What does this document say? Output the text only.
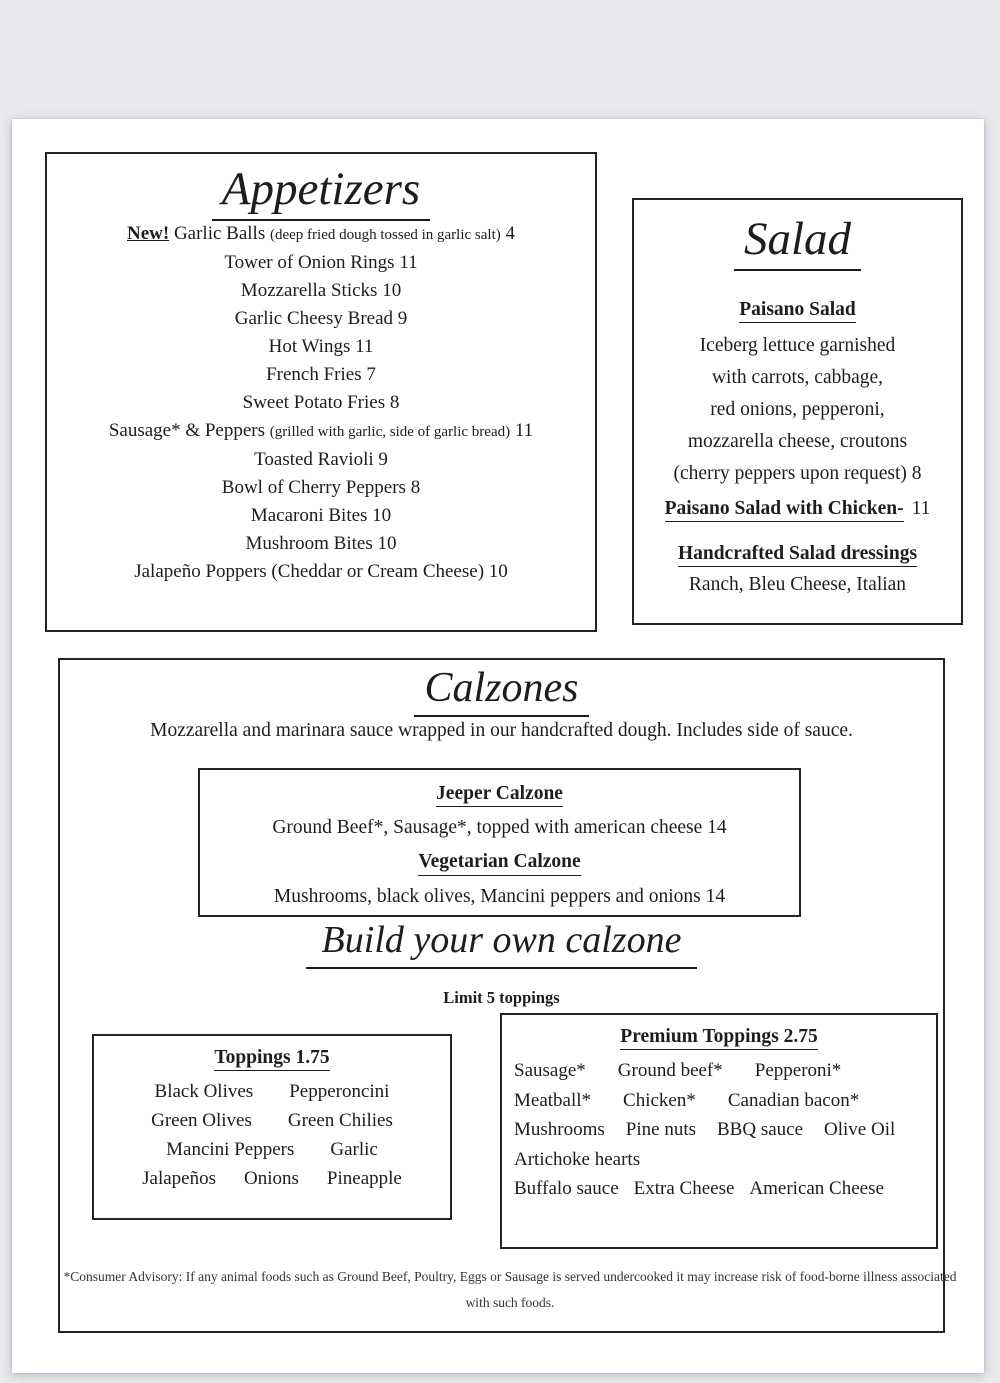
Appetizers
New! Garlic Balls (deep fried dough tossed in garlic salt) 4
Tower of Onion Rings 11
Mozzarella Sticks 10
Garlic Cheesy Bread 9
Hot Wings 11
French Fries 7
Sweet Potato Fries 8
Sausage* & Peppers (grilled with garlic, side of garlic bread) 11
Toasted Ravioli 9
Bowl of Cherry Peppers 8
Macaroni Bites 10
Mushroom Bites 10
Jalapeño Poppers (Cheddar or Cream Cheese) 10
Salad
Paisano Salad
Iceberg lettuce garnished
with carrots, cabbage,
red onions, pepperoni,
mozzarella cheese, croutons
(cherry peppers upon request) 8
Paisano Salad with Chicken- 11
Handcrafted Salad dressings
Ranch, Bleu Cheese, Italian
Calzones
Mozzarella and marinara sauce wrapped in our handcrafted dough. Includes side of sauce.
Jeeper Calzone
Ground Beef*, Sausage*, topped with american cheese 14
Vegetarian Calzone
Mushrooms, black olives, Mancini peppers and onions 14
Build your own calzone
Limit 5 toppings
Toppings 1.75
Black Olives Pepperoncini
Green Olives Green Chilies
Mancini Peppers Garlic
Jalapeños Onions Pineapple
Premium Toppings 2.75
Sausage* Ground beef* Pepperoni*
Meatball* Chicken* Canadian bacon*
Mushrooms Pine nuts BBQ sauce Olive Oil
Artichoke hearts
Buffalo sauce Extra Cheese American Cheese
*Consumer Advisory: If any animal foods such as Ground Beef, Poultry, Eggs or Sausage is served undercooked it may increase risk of food-borne illness associated with such foods.
